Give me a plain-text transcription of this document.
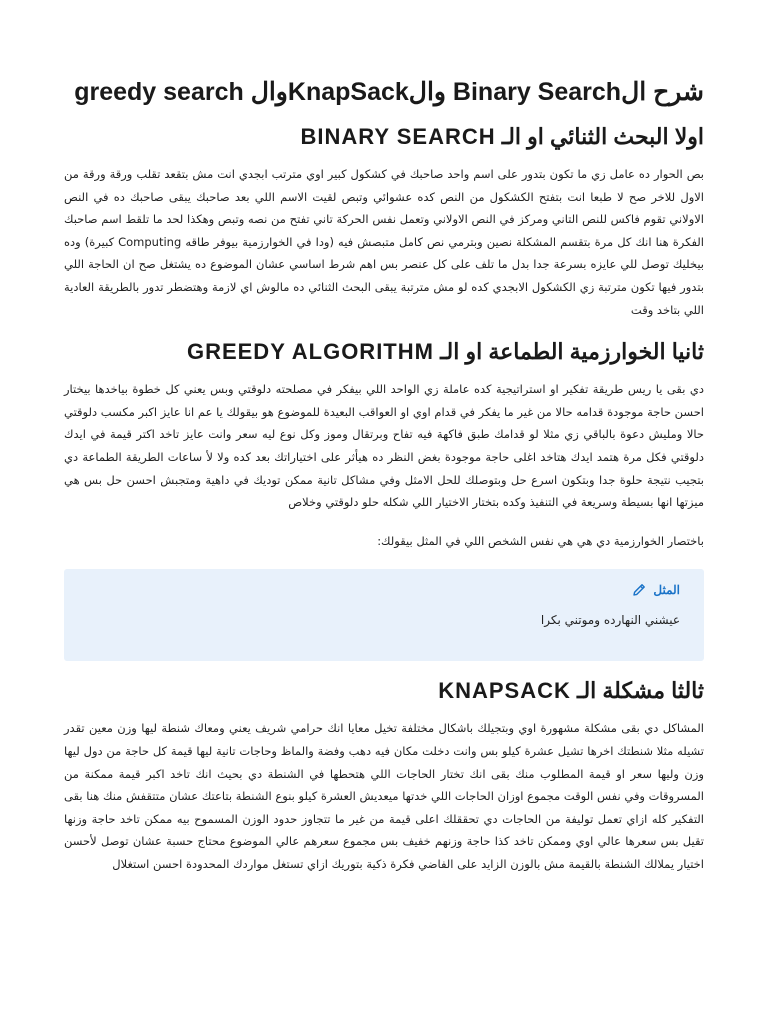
شرح الBinary Search والKnapSackوال greedy search
اولا البحث الثنائي او الـ BINARY SEARCH

بص الحوار ده عامل زي ما تكون بتدور على اسم واحد صاحبك في كشكول كبير اوي مترتب ابجدي انت مش بتقعد تقلب ورقة ورقة من الاول للاخر صح لا طبعا انت بتفتح الكشكول من النص كده عشوائي وتبص لقيت الاسم اللي بعد صاحبك يبقى صاحبك ده في النص الاولاني تقوم فاكس للنص التاني ومركز في النص الاولاني وتعمل نفس الحركة تاني تفتح من نصه وتبص وهكذا لحد ما تلقط اسم صاحبك الفكرة هنا انك كل مرة بتقسم المشكلة نصين وبترمي نص كامل متبصش فيه (ودا في الخوارزمية بيوفر طاقه Computing كبيرة) وده بيخليك توصل للي عايزه بسرعة جدا بدل ما تلف على كل عنصر بس اهم شرط اساسي عشان الموضوع ده يشتغل صح ان الحاجة اللي بتدور فيها تكون مترتبة زي الكشكول الابجدي كده لو مش مترتبة يبقى البحث الثنائي ده مالوش اي لازمة وهتضطر تدور بالطريقة العادية اللي بتاخد وقت

ثانيا الخوارزمية الطماعة او الـ GREEDY ALGORITHM

دي بقى يا ريس طريقة تفكير او استراتيجية كده عاملة زي الواحد اللي بيفكر في مصلحته دلوقتي وبس يعني كل خطوة بياخدها بيختار احسن حاجة موجودة قدامه حالا من غير ما يفكر في قدام اوي او العواقب البعيدة للموضوع هو بيقولك يا عم انا عايز اكبر مكسب دلوقتي حالا ومليش دعوة بالباقي زي مثلا لو قدامك طبق فاكهة فيه تفاح وبرتقال وموز وكل نوع ليه سعر وانت عايز تاخد اكتر قيمة في ايدك دلوقتي فكل مرة هتمد ايدك هتاخد اغلى حاجة موجودة بغض النظر ده هيأثر على اختياراتك بعد كده ولا لأ ساعات الطريقة الطماعة دي بتجيب نتيجة حلوة جدا وبتكون اسرع حل وبتوصلك للحل الامثل وفي مشاكل تانية ممكن توديك في داهية ومتجبش احسن حل بس هي ميزتها انها بسيطة وسريعة في التنفيذ وكده بتختار الاختيار اللي شكله حلو دلوقتي وخلاص

باختصار الخوارزمية دي هي هي نفس الشخص اللي في المثل بيقولك:

المثل
عيشني النهارده وموتني بكرا
ثالثا مشكلة الـ KNAPSACK

المشاكل دي بقى مشكلة مشهورة اوي وبتجيلك باشكال مختلفة تخيل معايا انك حرامي شريف يعني ومعاك شنطة ليها وزن معين تقدر تشيله مثلا شنطتك اخرها تشيل عشرة كيلو بس وانت دخلت مكان فيه دهب وفضة والماظ وحاجات تانية ليها قيمة كل حاجة من دول ليها وزن وليها سعر او قيمة المطلوب منك بقى انك تختار الحاجات اللي هتحطها في الشنطة دي بحيث انك تاخد اكبر قيمة ممكنة من المسروقات وفي نفس الوقت مجموع اوزان الحاجات اللي خدتها ميعديش العشرة كيلو بنوع الشنطة بتاعتك عشان متتقفش منك هنا بقى التفكير كله ازاي تعمل توليفة من الحاجات دي تحققلك اعلى قيمة من غير ما تتجاوز حدود الوزن المسموح بيه ممكن تاخد حاجة وزنها تقيل بس سعرها عالي اوي وممكن تاخد كذا حاجة وزنهم خفيف بس مجموع سعرهم عالي الموضوع محتاج حسبة عشان توصل لأحسن اختيار يملالك الشنطة بالقيمة مش بالوزن الزايد على الفاضي فكرة ذكية بتوريك ازاي تستغل مواردك المحدودة احسن استغلال
